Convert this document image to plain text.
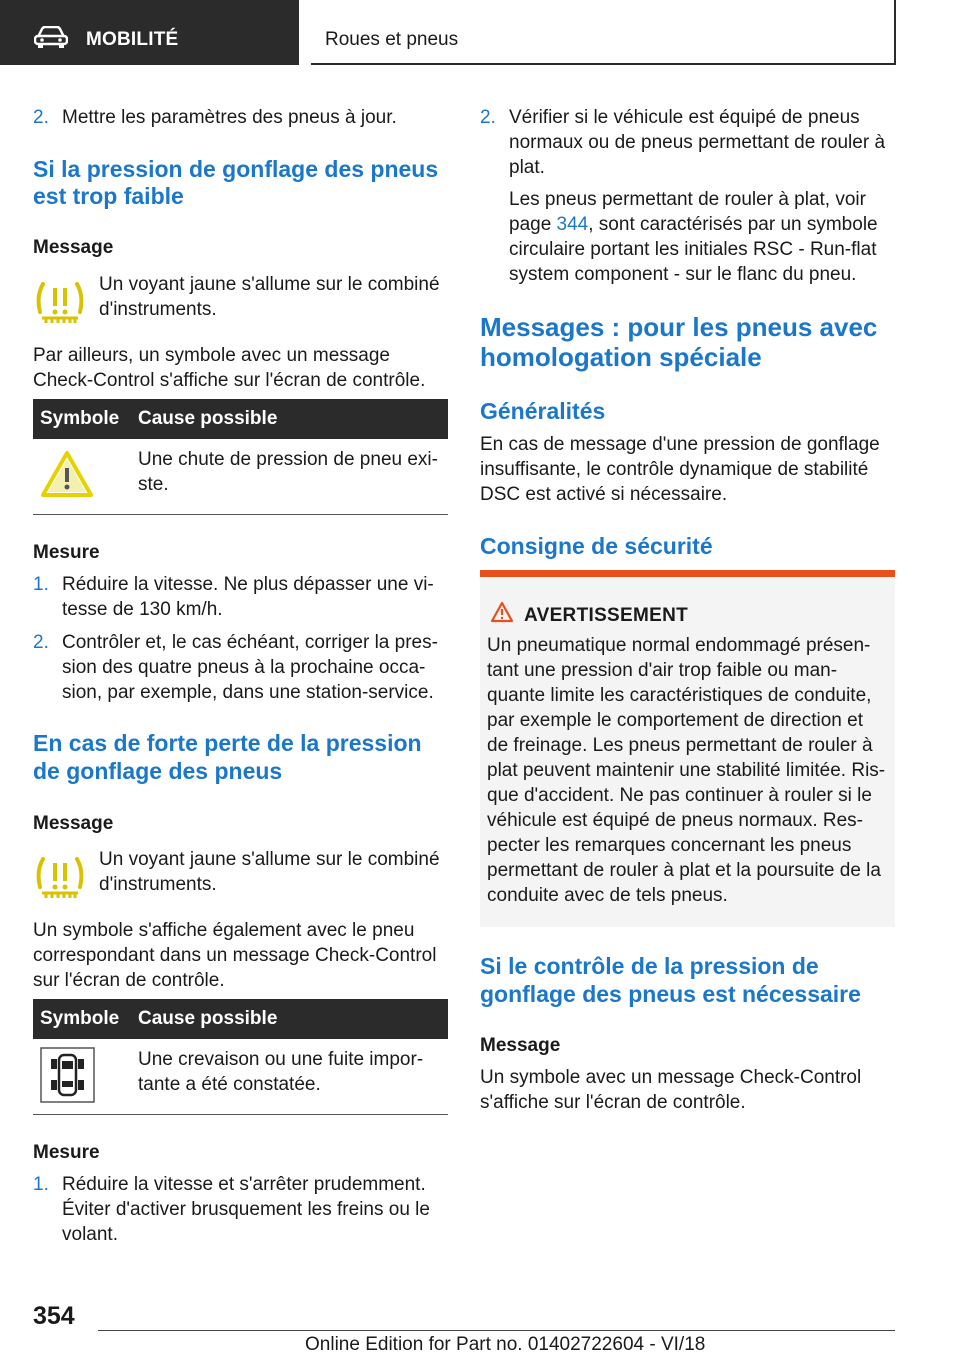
MOBILITÉ	Roues et pneus
2. Mettre les paramètres des pneus à jour.
Si la pression de gonflage des pneus
est trop faible
Message
Un voyant jaune s'allume sur le combiné
d'instruments.
Par ailleurs, un symbole avec un message
Check-Control s'affiche sur l'écran de contrôle.
Symbole Cause possible
Une chute de pression de pneu exi-
ste.
Mesure
1. Réduire la vitesse. Ne plus dépasser une vi-
tesse de 130 km/h.
2. Contrôler et, le cas échéant, corriger la pres-
sion des quatre pneus à la prochaine occa-
sion, par exemple, dans une station-service.
En cas de forte perte de la pression
de gonflage des pneus
Message
Un voyant jaune s'allume sur le combiné
d'instruments.
Un symbole s'affiche également avec le pneu
correspondant dans un message Check-Control
sur l'écran de contrôle.
Symbole Cause possible
Une crevaison ou une fuite impor-
tante a été constatée.
Mesure
1. Réduire la vitesse et s'arrêter prudemment.
Éviter d'activer brusquement les freins ou le
volant.
2. Vérifier si le véhicule est équipé de pneus
normaux ou de pneus permettant de rouler à
plat.
Les pneus permettant de rouler à plat, voir
page 344, sont caractérisés par un symbole
circulaire portant les initiales RSC - Run-flat
system component - sur le flanc du pneu.
Messages : pour les pneus avec
homologation spéciale
Généralités
En cas de message d'une pression de gonflage
insuffisante, le contrôle dynamique de stabilité
DSC est activé si nécessaire.
Consigne de sécurité
AVERTISSEMENT
Un pneumatique normal endommagé présen-
tant une pression d'air trop faible ou man-
quante limite les caractéristiques de conduite,
par exemple le comportement de direction et
de freinage. Les pneus permettant de rouler à
plat peuvent maintenir une stabilité limitée. Ris-
que d'accident. Ne pas continuer à rouler si le
véhicule est équipé de pneus normaux. Res-
pecter les remarques concernant les pneus
permettant de rouler à plat et la poursuite de la
conduite avec de tels pneus.
Si le contrôle de la pression de
gonflage des pneus est nécessaire
Message
Un symbole avec un message Check-Control
s'affiche sur l'écran de contrôle.
354
Online Edition for Part no. 01402722604 - VI/18
